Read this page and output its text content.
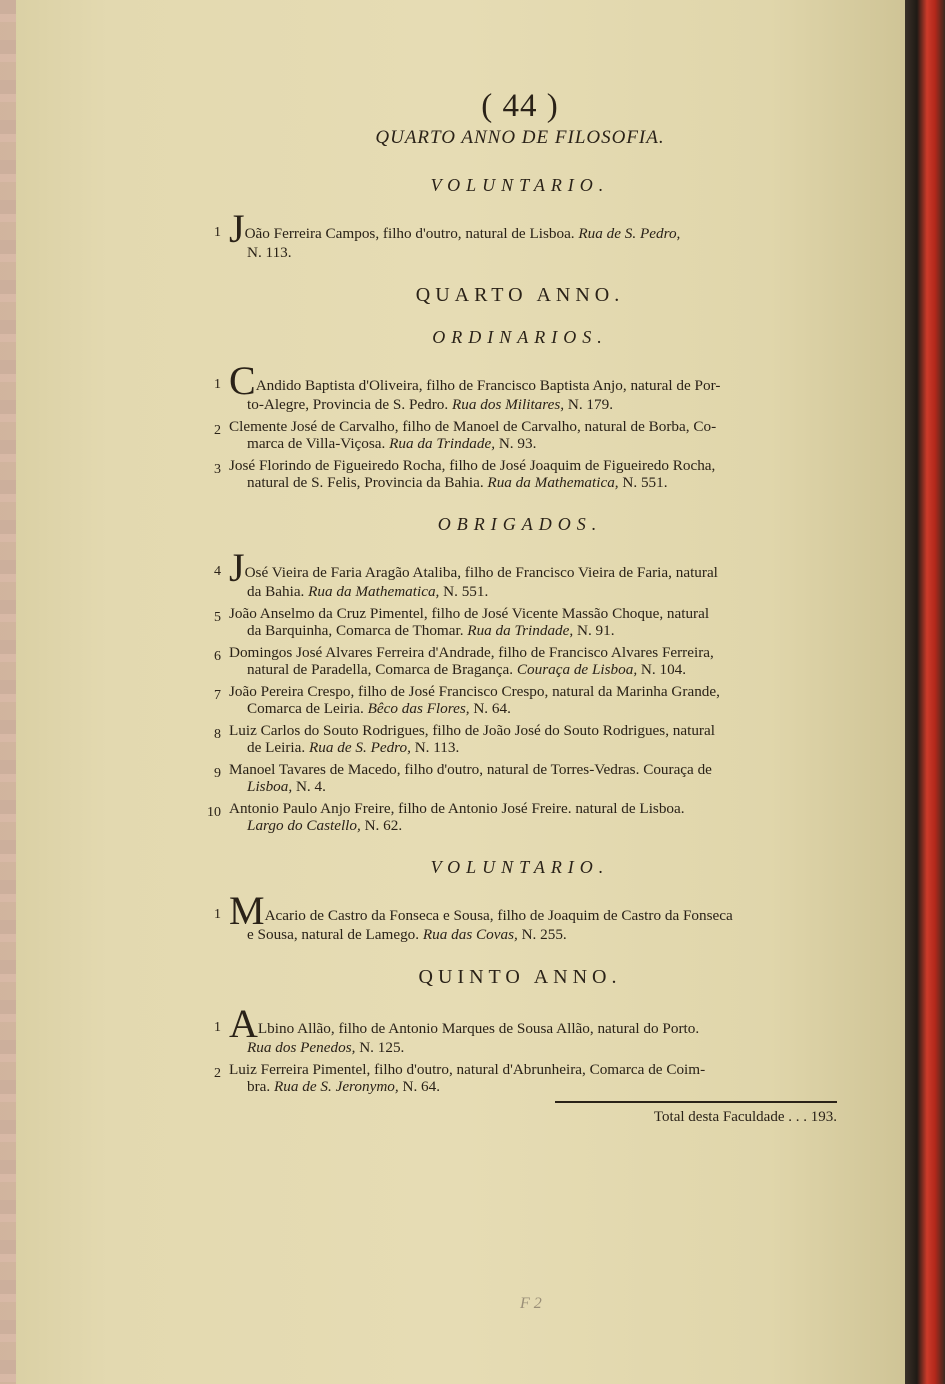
( 44 )
QUARTO ANNO DE FILOSOFIA.
VOLUNTARIO.
1 JOão Ferreira Campos, filho d'outro, natural de Lisboa. Rua de S. Pedro,
N. 113.
QUARTO ANNO.
ORDINARIOS.
1 CAndido Baptista d'Oliveira, filho de Francisco Baptista Anjo, natural de Por-
to-Alegre, Provincia de S. Pedro. Rua dos Militares, N. 179.
2 Clemente José de Carvalho, filho de Manoel de Carvalho, natural de Borba, Co-
marca de Villa-Viçosa. Rua da Trindade, N. 93.
3 José Florindo de Figueiredo Rocha, filho de José Joaquim de Figueiredo Rocha,
natural de S. Felis, Provincia da Bahia. Rua da Mathematica, N. 551.
OBRIGADOS.
4 JOsé Vieira de Faria Aragão Ataliba, filho de Francisco Vieira de Faria, natural
da Bahia. Rua da Mathematica, N. 551.
5 João Anselmo da Cruz Pimentel, filho de José Vicente Massão Choque, natural
da Barquinha, Comarca de Thomar. Rua da Trindade, N. 91.
6 Domingos José Alvares Ferreira d'Andrade, filho de Francisco Alvares Ferreira,
natural de Paradella, Comarca de Bragança. Couraça de Lisboa, N. 104.
7 João Pereira Crespo, filho de José Francisco Crespo, natural da Marinha Grande,
Comarca de Leiria. Bêco das Flores, N. 64.
8 Luiz Carlos do Souto Rodrigues, filho de João José do Souto Rodrigues, natural
de Leiria. Rua de S. Pedro, N. 113.
9 Manoel Tavares de Macedo, filho d'outro, natural de Torres-Vedras. Couraça de
Lisboa, N. 4.
10 Antonio Paulo Anjo Freire, filho de Antonio José Freire. natural de Lisboa.
Largo do Castello, N. 62.
VOLUNTARIO.
1 MAcario de Castro da Fonseca e Sousa, filho de Joaquim de Castro da Fonseca
e Sousa, natural de Lamego. Rua das Covas, N. 255.
QUINTO ANNO.
1 ALbino Allão, filho de Antonio Marques de Sousa Allão, natural do Porto.
Rua dos Penedos, N. 125.
2 Luiz Ferreira Pimentel, filho d'outro, natural d'Abrunheira, Comarca de Coim-
bra. Rua de S. Jeronymo, N. 64.
Total desta Faculdade . . . 193.
F 2
